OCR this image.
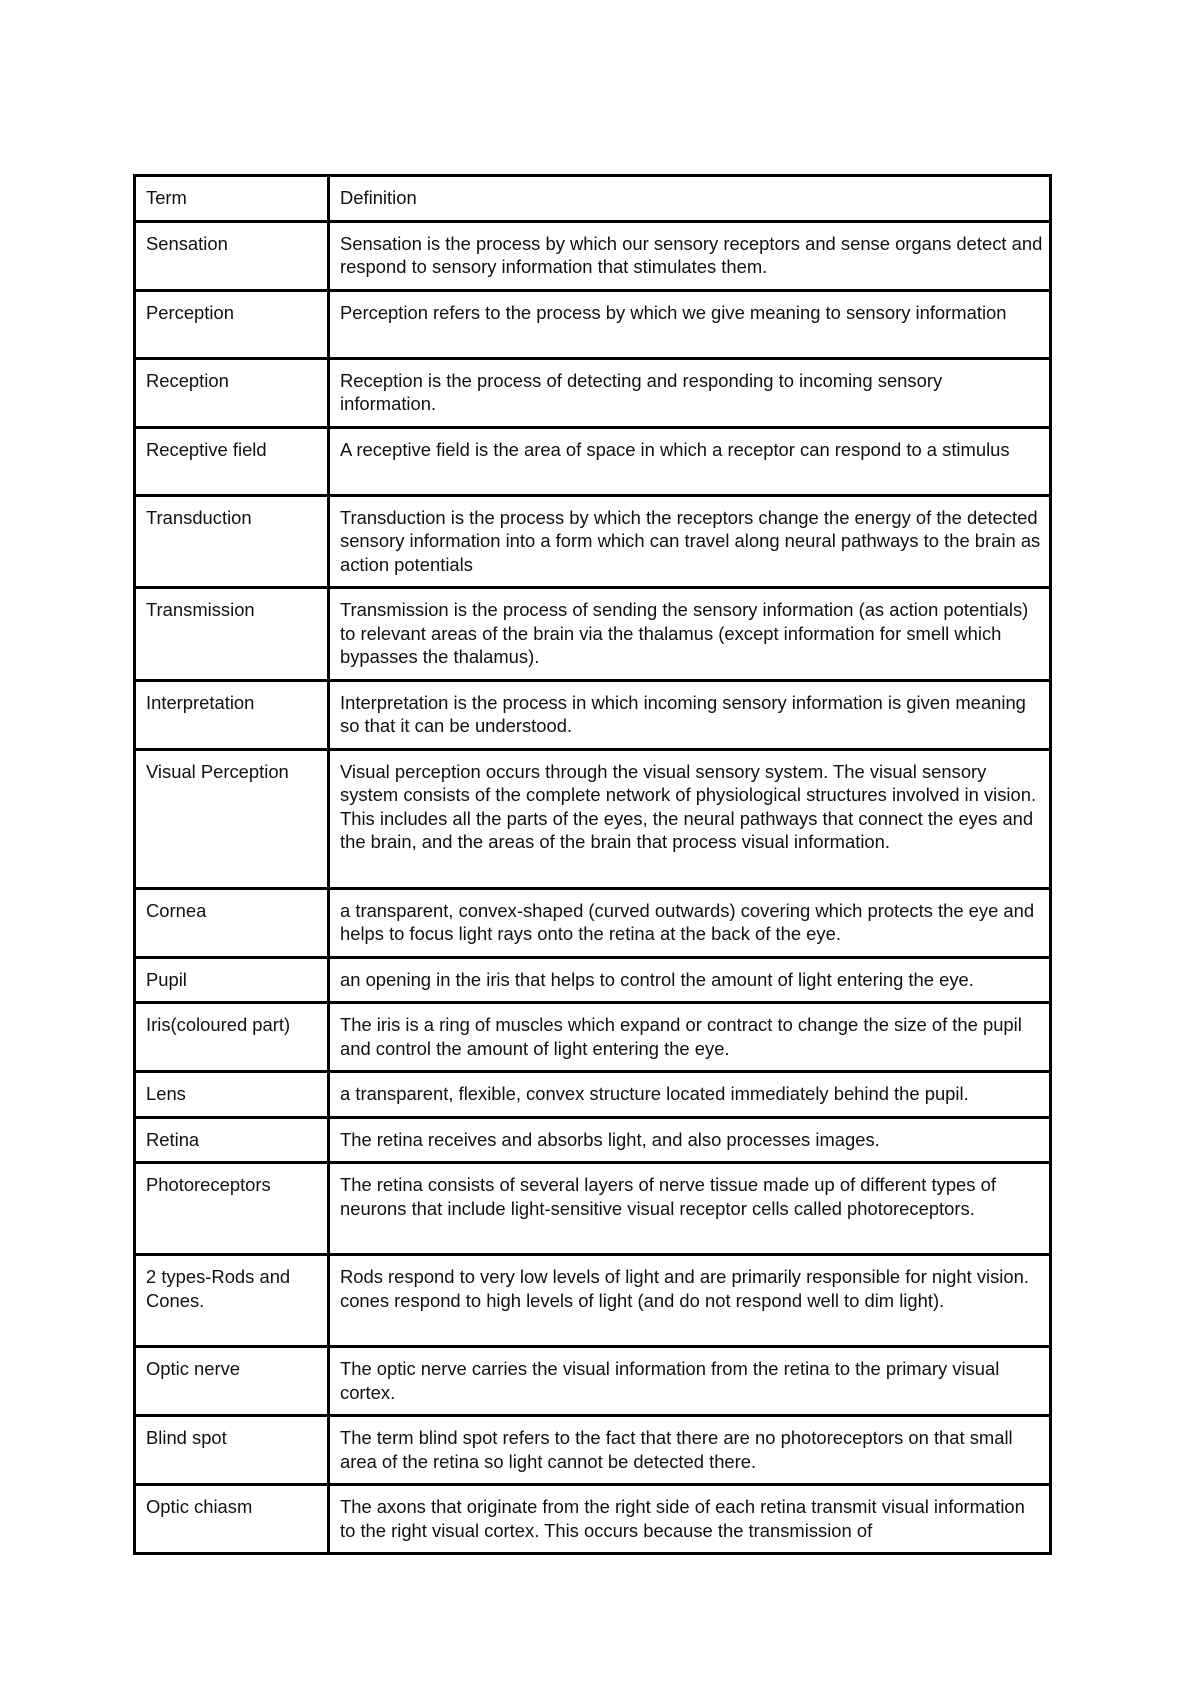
Term	Definition
Sensation	Sensation is the process by which our sensory receptors and sense organs detect and respond to sensory information that stimulates them.
Perception	Perception refers to the process by which we give meaning to sensory information
Reception	Reception is the process of detecting and responding to incoming sensory information.
Receptive field	A receptive field is the area of space in which a receptor can respond to a stimulus
Transduction	Transduction is the process by which the receptors change the energy of the detected sensory information into a form which can travel along neural pathways to the brain as action potentials
Transmission	Transmission is the process of sending the sensory information (as action potentials) to relevant areas of the brain via the thalamus (except information for smell which bypasses the thalamus).
Interpretation	Interpretation is the process in which incoming sensory information is given meaning so that it can be understood.
Visual Perception	Visual perception occurs through the visual sensory system. The visual sensory system consists of the complete network of physiological structures involved in vision. This includes all the parts of the eyes, the neural pathways that connect the eyes and the brain, and the areas of the brain that process visual information.
Cornea	a transparent, convex-shaped (curved outwards) covering which protects the eye and helps to focus light rays onto the retina at the back of the eye.
Pupil	an opening in the iris that helps to control the amount of light entering the eye.
Iris(coloured part)	The iris is a ring of muscles which expand or contract to change the size of the pupil and control the amount of light entering the eye.
Lens	a transparent, flexible, convex structure located immediately behind the pupil.
Retina	The retina receives and absorbs light, and also processes images.
Photoreceptors	The retina consists of several layers of nerve tissue made up of different types of neurons that include light-sensitive visual receptor cells called photoreceptors.
2 types-Rods and Cones.	Rods respond to very low levels of light and are primarily responsible for night vision.
cones respond to high levels of light (and do not respond well to dim light).
Optic nerve	The optic nerve carries the visual information from the retina to the primary visual cortex.
Blind spot	The term blind spot refers to the fact that there are no photoreceptors on that small area of the retina so light cannot be detected there.
Optic chiasm	The axons that originate from the right side of each retina transmit visual information to the right visual cortex. This occurs because the transmission of
